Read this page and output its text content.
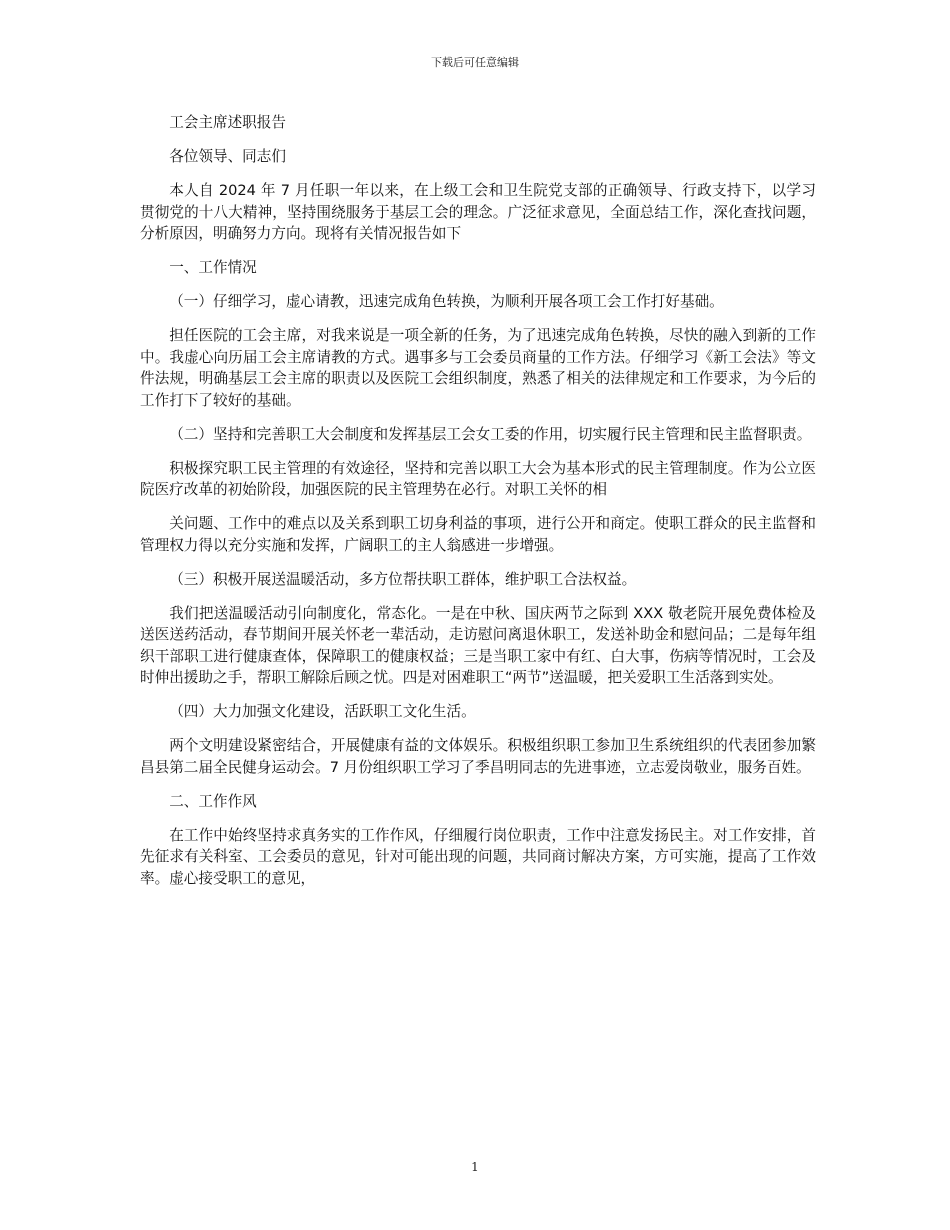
下载后可任意编辑

工会主席述职报告

各位领导、同志们

本人自 2024 年 7 月任职一年以来，在上级工会和卫生院党支部的正确领导、行政支持下，以学习贯彻党的十八大精神，坚持围绕服务于基层工会的理念。广泛征求意见，全面总结工作，深化查找问题，分析原因，明确努力方向。现将有关情况报告如下

一、工作情况

（一）仔细学习，虚心请教，迅速完成角色转换，为顺利开展各项工会工作打好基础。

担任医院的工会主席，对我来说是一项全新的任务，为了迅速完成角色转换，尽快的融入到新的工作中。我虚心向历届工会主席请教的方式。遇事多与工会委员商量的工作方法。仔细学习《新工会法》等文件法规，明确基层工会主席的职责以及医院工会组织制度，熟悉了相关的法律规定和工作要求，为今后的工作打下了较好的基础。

（二）坚持和完善职工大会制度和发挥基层工会女工委的作用，切实履行民主管理和民主监督职责。

积极探究职工民主管理的有效途径，坚持和完善以职工大会为基本形式的民主管理制度。作为公立医院医疗改革的初始阶段，加强医院的民主管理势在必行。对职工关怀的相

关问题、工作中的难点以及关系到职工切身利益的事项，进行公开和商定。使职工群众的民主监督和管理权力得以充分实施和发挥，广阔职工的主人翁感进一步增强。

（三）积极开展送温暖活动，多方位帮扶职工群体，维护职工合法权益。

我们把送温暖活动引向制度化，常态化。一是在中秋、国庆两节之际到 XXX 敬老院开展免费体检及送医送药活动，春节期间开展关怀老一辈活动，走访慰问离退休职工，发送补助金和慰问品；二是每年组织干部职工进行健康查体，保障职工的健康权益；三是当职工家中有红、白大事，伤病等情况时，工会及时伸出援助之手，帮职工解除后顾之忧。四是对困难职工“两节”送温暖，把关爱职工生活落到实处。

（四）大力加强文化建设，活跃职工文化生活。

两个文明建设紧密结合，开展健康有益的文体娱乐。积极组织职工参加卫生系统组织的代表团参加繁昌县第二届全民健身运动会。7 月份组织职工学习了季昌明同志的先进事迹，立志爱岗敬业，服务百姓。

二、工作作风

在工作中始终坚持求真务实的工作作风，仔细履行岗位职责，工作中注意发扬民主。对工作安排，首先征求有关科室、工会委员的意见，针对可能出现的问题，共同商讨解决方案，方可实施，提高了工作效率。虚心接受职工的意见，

1
